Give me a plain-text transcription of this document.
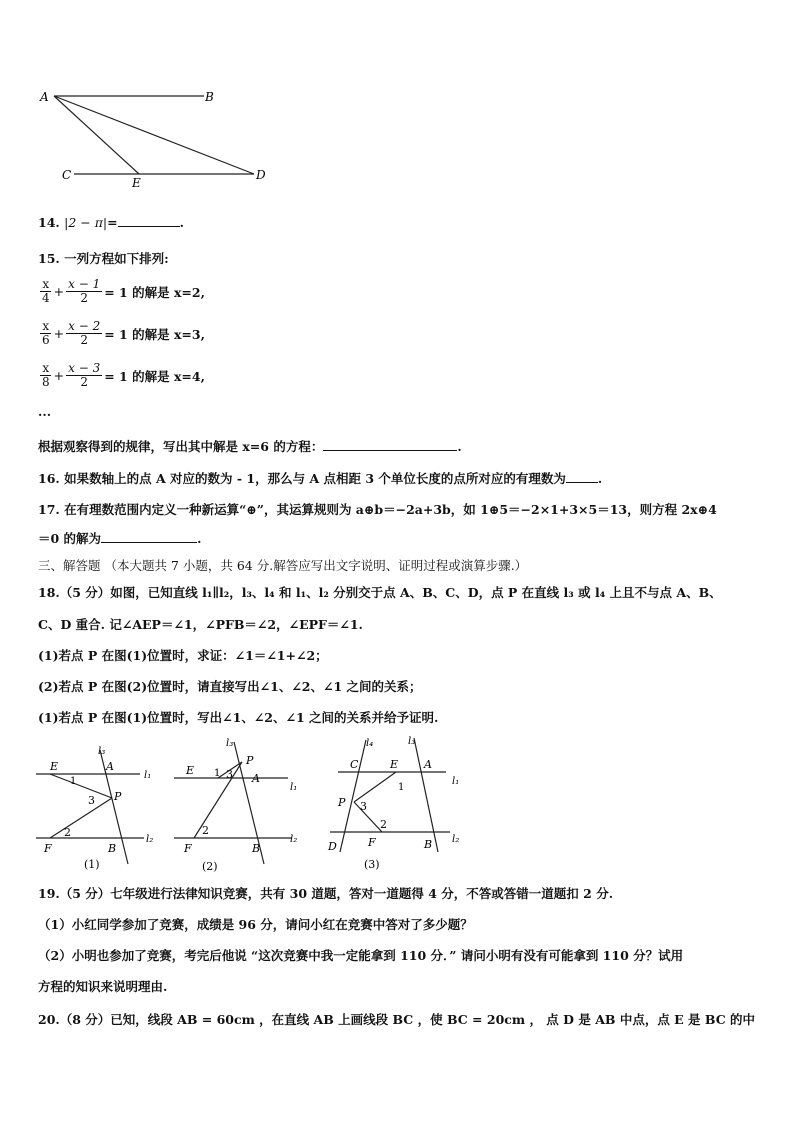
A	B
C
E
D
14. |2 − π|=	.
15. 一列方程如下排列:
$\frac{x}{4} + \frac{x - 1}{2} = 1$ 的解是 x=2,
$\frac{x}{6} + \frac{x - 2}{2} = 1$ 的解是 x=3,
$\frac{x}{8} + \frac{x - 3}{2} = 1$ 的解是 x=4,
...
根据观察得到的规律，写出其中解是 x=6 的方程：	.
16. 如果数轴上的点 A 对应的数为 - 1，那么与 A 点相距 3 个单位长度的点所对应的有理数为	.
17. 在有理数范围内定义一种新运算“⊕”，其运算规则为 a⊕b＝−2a+3b，如 1⊕5＝−2×1+3×5＝13，则方程 2x⊕4
＝0 的解为	.
三、解答题 （本大题共 7 小题，共 64 分.解答应写出文字说明、证明过程或演算步骤.）
18.（5 分）如图，已知直线 l₁∥l₂，l₃、l₄ 和 l₁、l₂ 分别交于点 A、B、C、D，点 P 在直线 l₃ 或 l₄ 上且不与点 A、B、
C、D 重合. 记∠AEP＝∠1，∠PFB＝∠2，∠EPF＝∠1.
(1)若点 P 在图(1)位置时，求证：∠1＝∠1+∠2；
(2)若点 P 在图(2)位置时，请直接写出∠1、∠2、∠1 之间的关系；
(1)若点 P 在图(1)位置时，写出∠1、∠2、∠1 之间的关系并给予证明.
E	A
l₃
l₁
1
3 P
2
l₂
F	B
(1)
E
A
l₃
l₁
P
1 3
2
l₂
F	B
(2)
C	E A
l₄	l₃
l₁
1
P 3
2
l₂
D	F	B
(3)
19.（5 分）七年级进行法律知识竞赛，共有 30 道题，答对一道题得 4 分，不答或答错一道题扣 2 分.
（1）小红同学参加了竞赛，成绩是 96 分，请问小红在竞赛中答对了多少题？
（2）小明也参加了竞赛，考完后他说 “这次竞赛中我一定能拿到 110 分．” 请问小明有没有可能拿到 110 分？试用
方程的知识来说明理由.
20.（8 分）已知，线段 AB = 60cm ，在直线 AB 上画线段 BC ，使 BC = 20cm ， 点 D 是 AB 中点，点 E 是 BC 的中
